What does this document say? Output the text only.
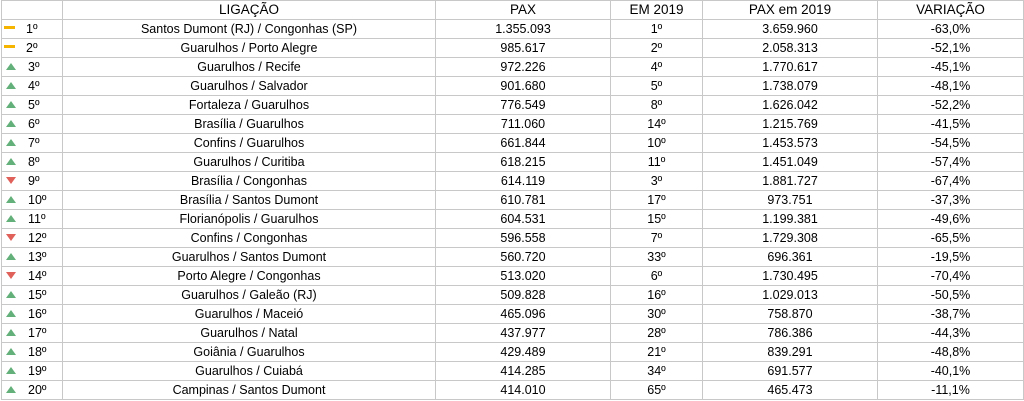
	LIGAÇÃO	PAX	EM 2019	PAX em 2019	VARIAÇÃO
1º	Santos Dumont (RJ) / Congonhas (SP)	1.355.093	1º	3.659.960	-63,0%
2º	Guarulhos / Porto Alegre	985.617	2º	2.058.313	-52,1%
3º	Guarulhos / Recife	972.226	4º	1.770.617	-45,1%
4º	Guarulhos / Salvador	901.680	5º	1.738.079	-48,1%
5º	Fortaleza / Guarulhos	776.549	8º	1.626.042	-52,2%
6º	Brasília / Guarulhos	711.060	14º	1.215.769	-41,5%
7º	Confins / Guarulhos	661.844	10º	1.453.573	-54,5%
8º	Guarulhos / Curitiba	618.215	11º	1.451.049	-57,4%
9º	Brasília / Congonhas	614.119	3º	1.881.727	-67,4%
10º	Brasília / Santos Dumont	610.781	17º	973.751	-37,3%
11º	Florianópolis / Guarulhos	604.531	15º	1.199.381	-49,6%
12º	Confins / Congonhas	596.558	7º	1.729.308	-65,5%
13º	Guarulhos / Santos Dumont	560.720	33º	696.361	-19,5%
14º	Porto Alegre / Congonhas	513.020	6º	1.730.495	-70,4%
15º	Guarulhos / Galeão (RJ)	509.828	16º	1.029.013	-50,5%
16º	Guarulhos / Maceió	465.096	30º	758.870	-38,7%
17º	Guarulhos / Natal	437.977	28º	786.386	-44,3%
18º	Goiânia / Guarulhos	429.489	21º	839.291	-48,8%
19º	Guarulhos / Cuiabá	414.285	34º	691.577	-40,1%
20º	Campinas / Santos Dumont	414.010	65º	465.473	-11,1%
